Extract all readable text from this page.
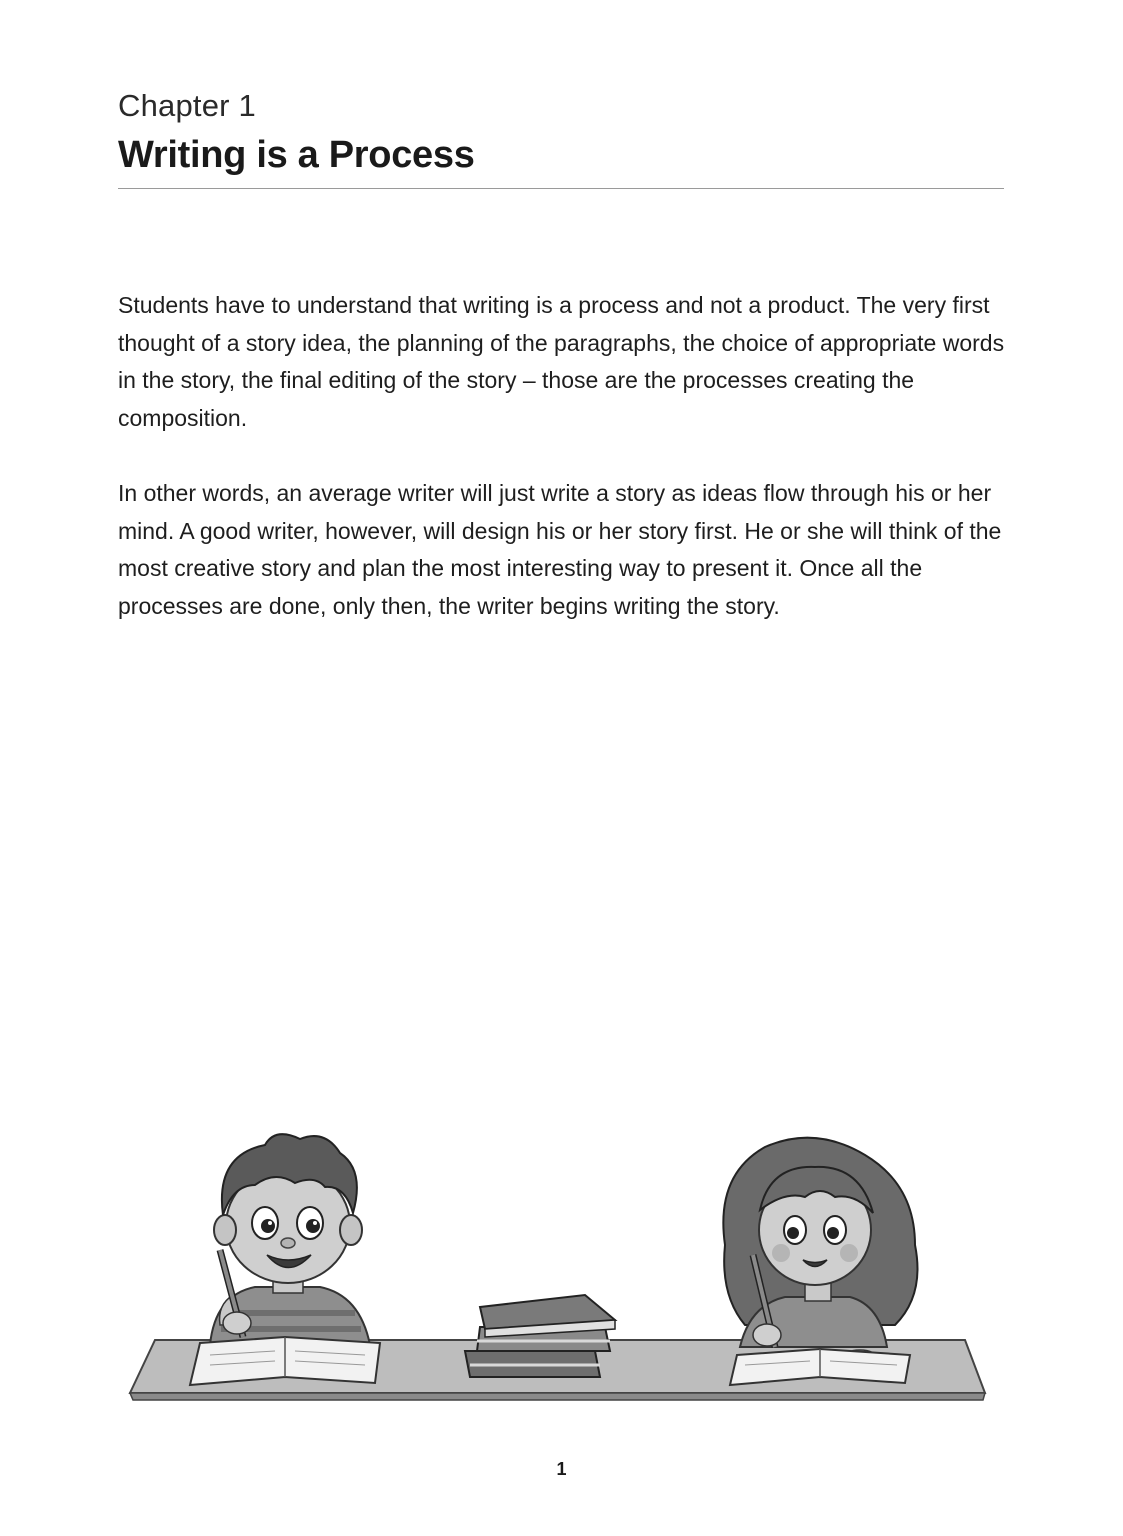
Chapter 1
Writing is a Process

Students have to understand that writing is a process and not a product. The very first thought of a story idea, the planning of the paragraphs, the choice of appropriate words in the story, the final editing of the story – those are the processes creating the composition.

In other words, an average writer will just write a story as ideas flow through his or her mind. A good writer, however, will design his or her story first. He or she will think of the most creative story and plan the most interesting way to present it. Once all the processes are done, only then, the writer begins writing the story.

1
